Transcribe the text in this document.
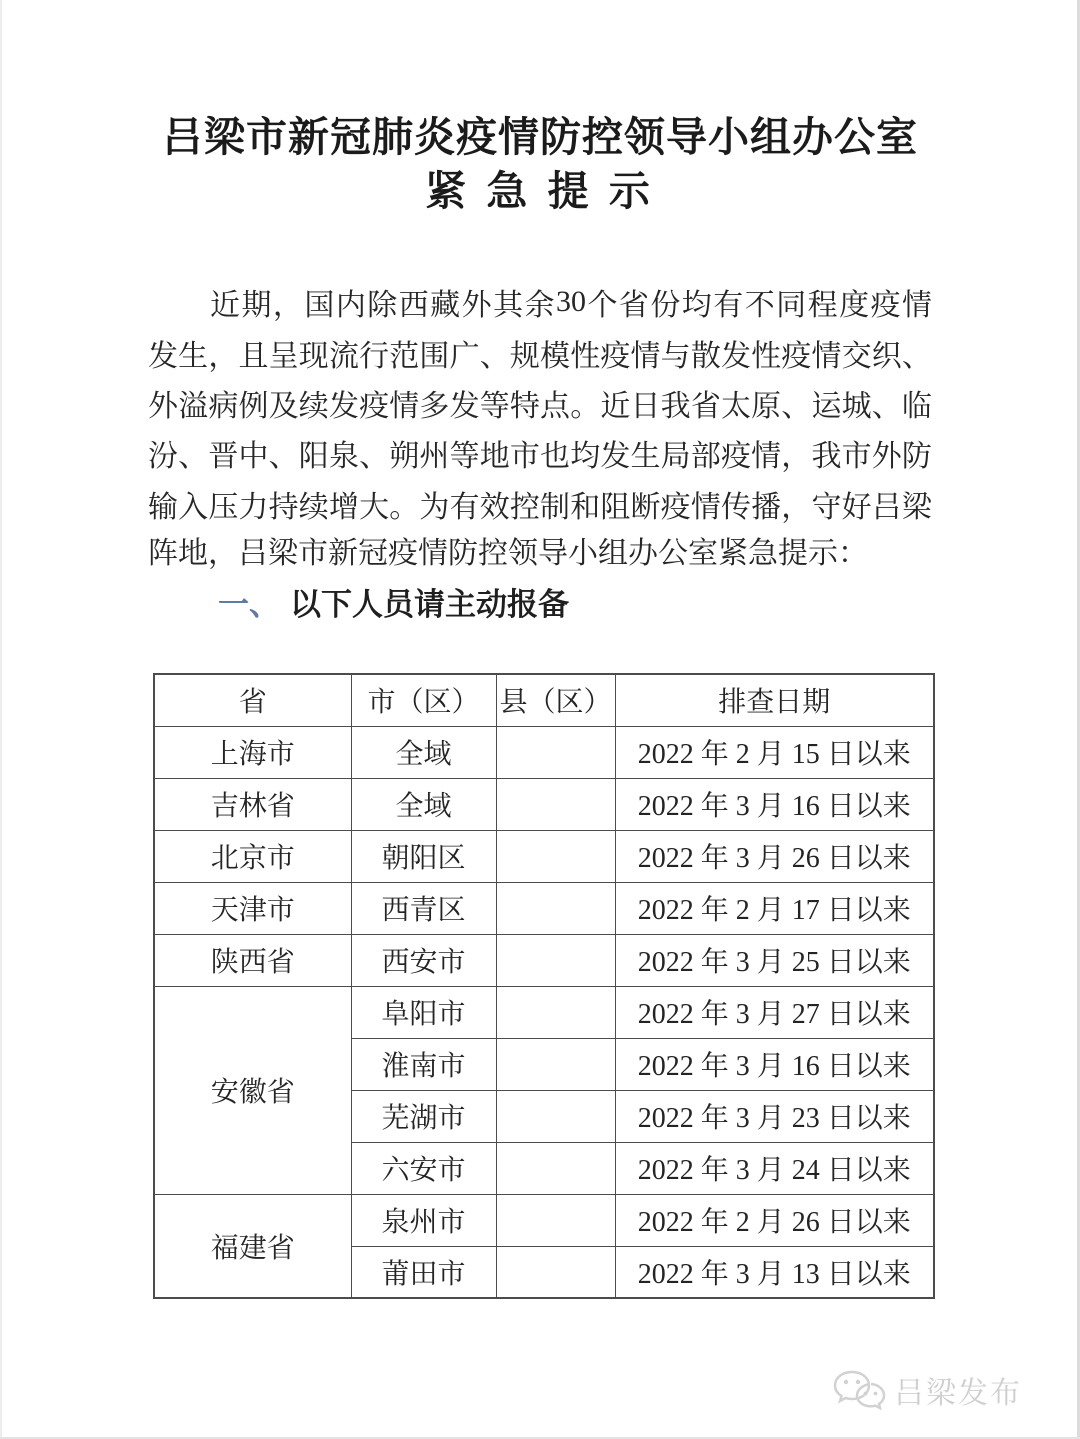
吕梁市新冠肺炎疫情防控领导小组办公室
紧 急 提 示
近 期 ， 国 内 除 西 藏 外 其 余 30 个 省 份 均 有 不 同 程 度 疫 情
发 生 ， 且 呈 现 流 行 范 围 广 、 规 模 性 疫 情 与 散 发 性 疫 情 交 织 、
外 溢 病 例 及 续 发 疫 情 多 发 等 特 点 。 近 日 我 省 太 原 、 运 城 、 临
汾 、 晋 中 、 阳 泉 、 朔 州 等 地 市 也 均 发 生 局 部 疫 情 ， 我 市 外 防
输 入 压 力 持 续 增 大 。 为 有 效 控 制 和 阻 断 疫 情 传 播 ， 守 好 吕 梁
阵地，吕梁市新冠疫情防控领导小组办公室紧急提示：
一、 以下人员请主动报备
省	市（区）	县（区）	排查日期
上海市	全域		2022 年 2 月 15 日以来
吉林省	全域		2022 年 3 月 16 日以来
北京市	朝阳区		2022 年 3 月 26 日以来
天津市	西青区		2022 年 2 月 17 日以来
陕西省	西安市		2022 年 3 月 25 日以来
安徽省	阜阳市		2022 年 3 月 27 日以来
	淮南市		2022 年 3 月 16 日以来
	芜湖市		2022 年 3 月 23 日以来
	六安市		2022 年 3 月 24 日以来
福建省	泉州市		2022 年 2 月 26 日以来
	莆田市		2022 年 3 月 13 日以来
吕梁发布
